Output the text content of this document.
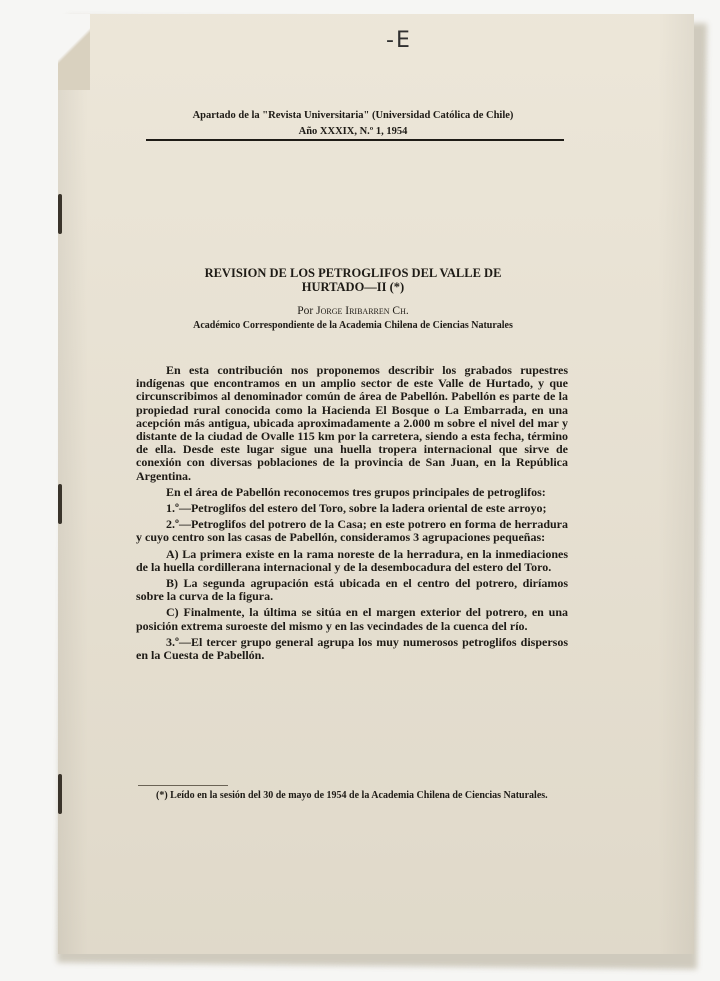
-E
Apartado de la "Revista Universitaria" (Universidad Católica de Chile)
Año XXXIX, N.º 1, 1954
REVISION DE LOS PETROGLIFOS DEL VALLE DE
HURTADO—II (*)
Por Jorge Iribarren Ch.
Académico Correspondiente de la Academia Chilena de Ciencias Naturales

En esta contribución nos proponemos describir los grabados rupestres indígenas que encontramos en un amplio sector de este Valle de Hurtado, y que circunscribimos al denominador común de área de Pabellón. Pabellón es parte de la propiedad rural conocida como la Hacienda El Bosque o La Embarrada, en una acepción más antigua, ubicada aproximadamente a 2.000 m sobre el nivel del mar y distante de la ciudad de Ovalle 115 km por la carretera, siendo a esta fecha, término de ella. Desde este lugar sigue una huella tropera internacional que sirve de conexión con diversas poblaciones de la provincia de San Juan, en la República Argentina.

En el área de Pabellón reconocemos tres grupos principales de petroglifos:

1.º—Petroglifos del estero del Toro, sobre la ladera oriental de este arroyo;

2.º—Petroglifos del potrero de la Casa; en este potrero en forma de herradura y cuyo centro son las casas de Pabellón, consideramos 3 agrupaciones pequeñas:

A) La primera existe en la rama noreste de la herradura, en la inmediaciones de la huella cordillerana internacional y de la desembocadura del estero del Toro.

B) La segunda agrupación está ubicada en el centro del potrero, diríamos sobre la curva de la figura.

C) Finalmente, la última se sitúa en el margen exterior del potrero, en una posición extrema suroeste del mismo y en las vecindades de la cuenca del río.

3.º—El tercer grupo general agrupa los muy numerosos petroglifos dispersos en la Cuesta de Pabellón.

(*) Leído en la sesión del 30 de mayo de 1954 de la Academia Chilena de Ciencias Naturales.
